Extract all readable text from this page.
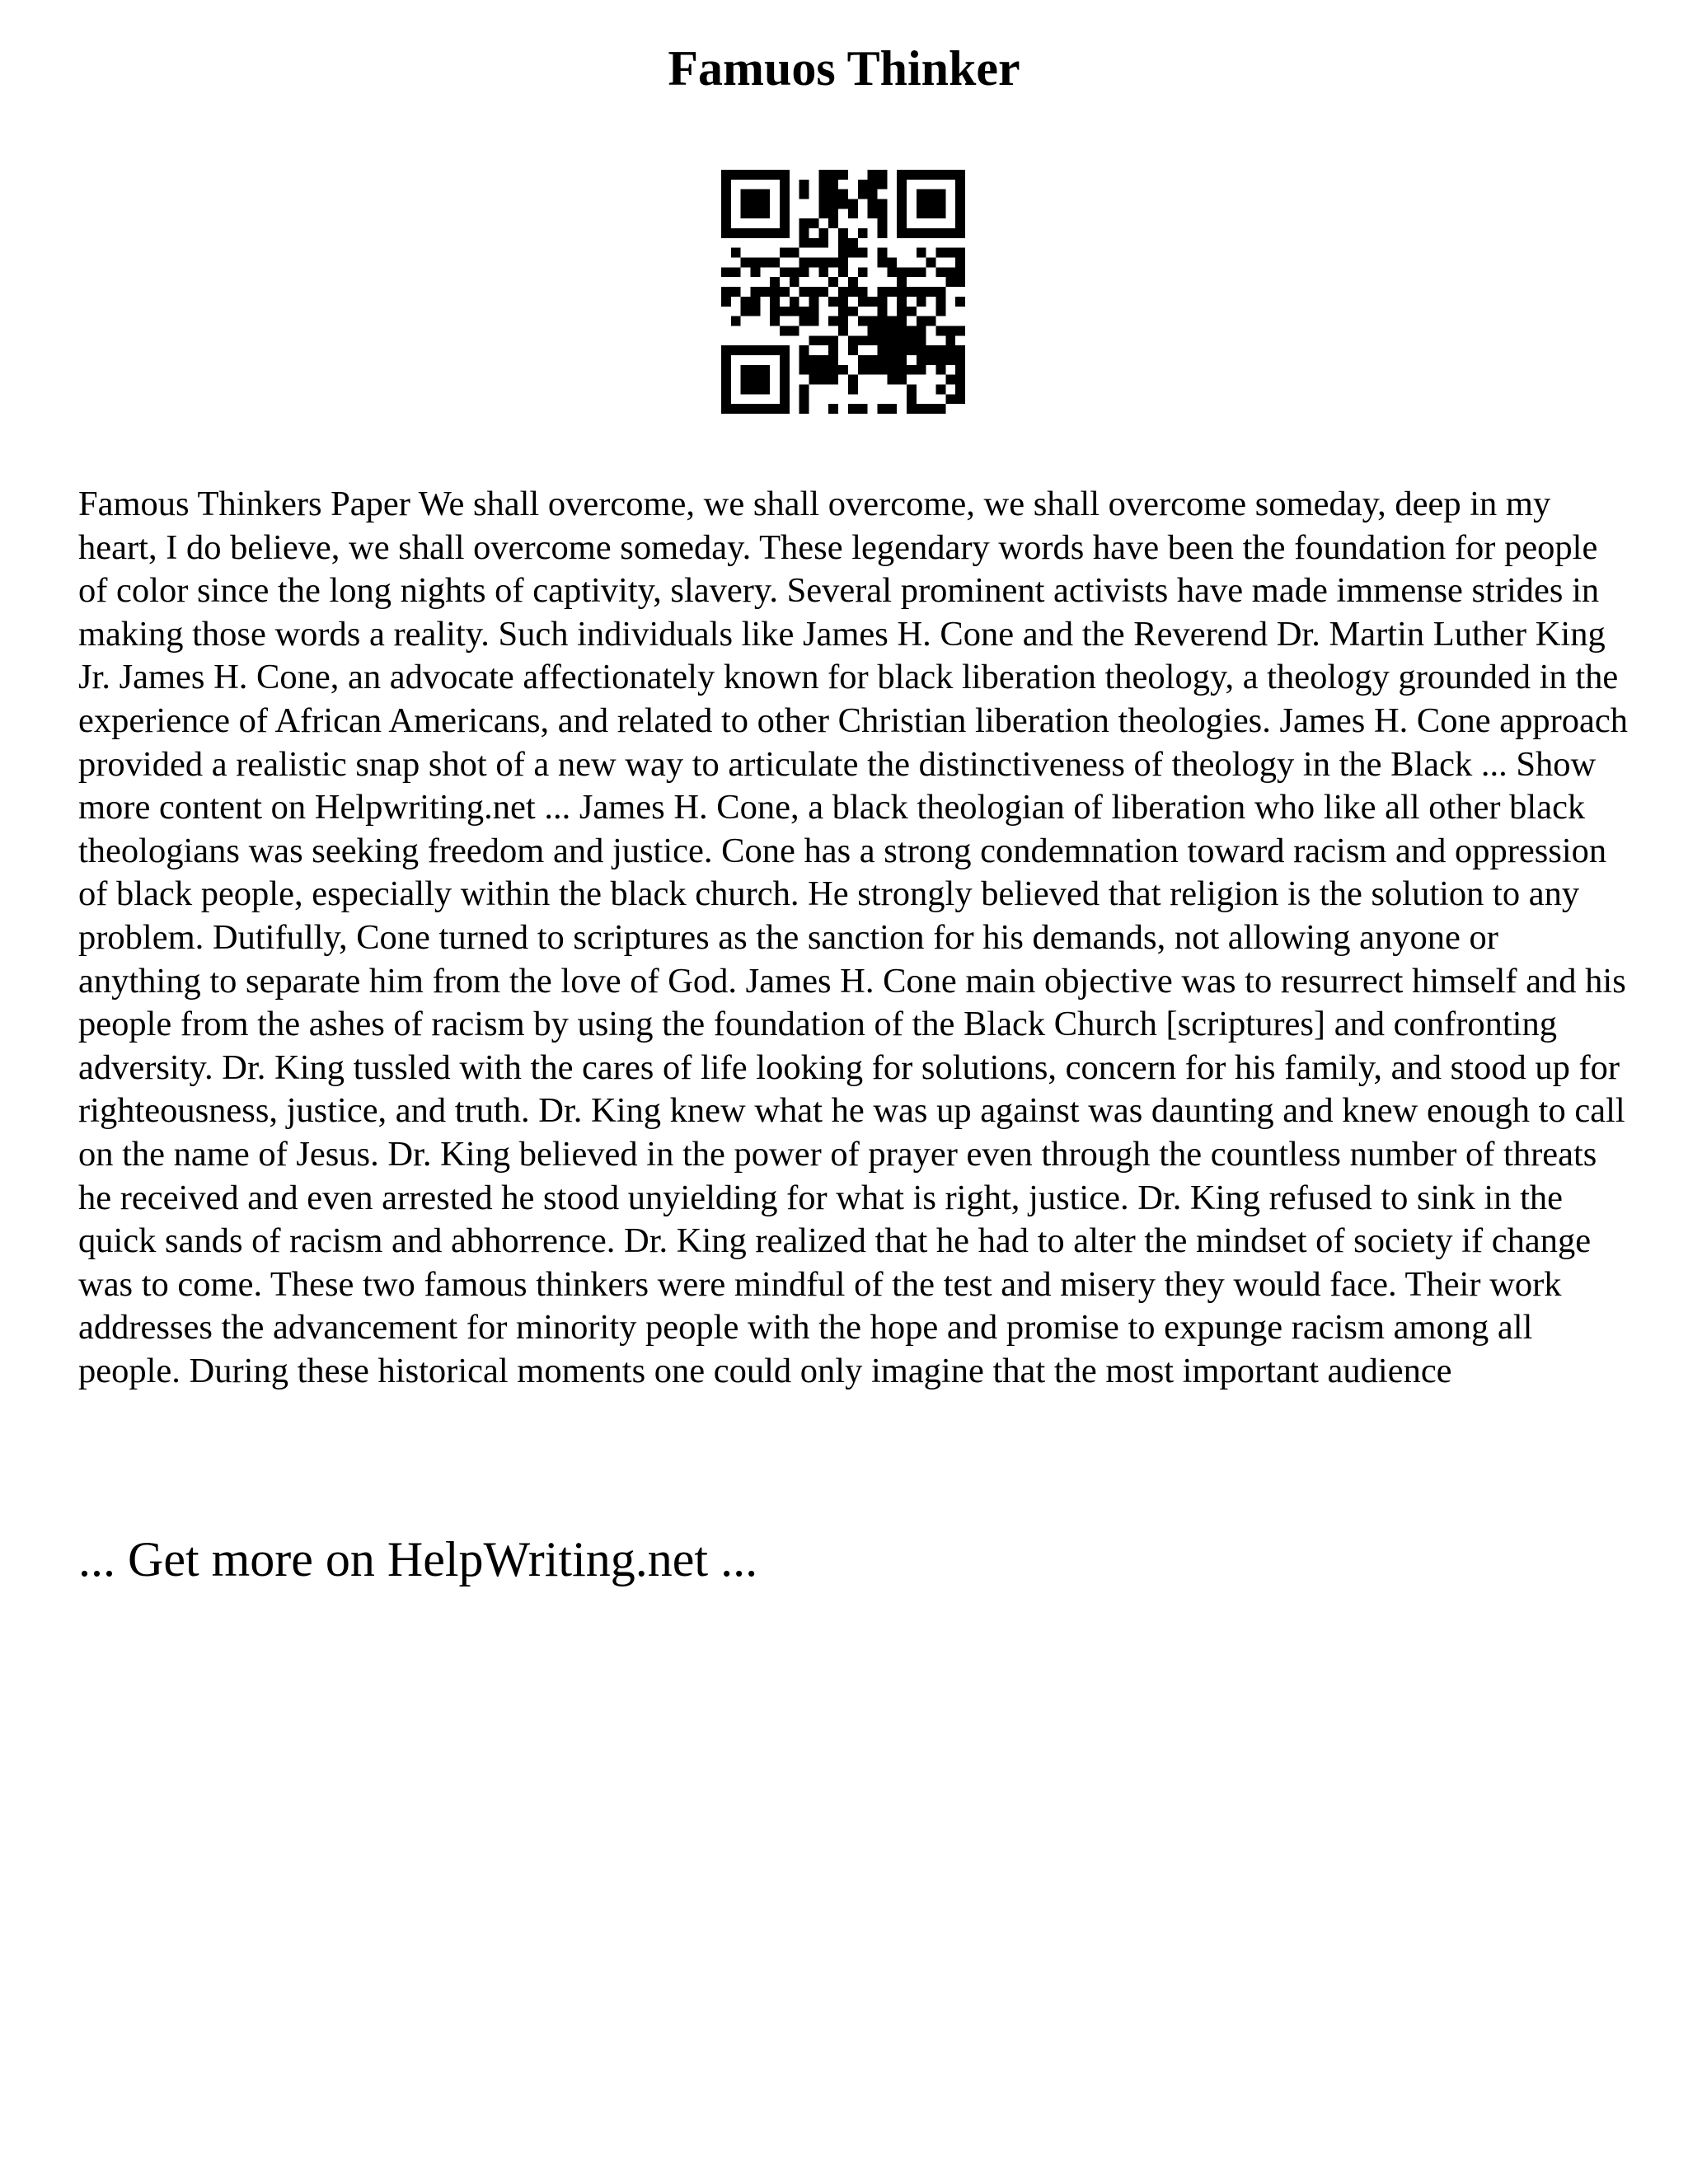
Famuos Thinker

Famous Thinkers Paper We shall overcome, we shall overcome, we shall overcome someday, deep in my heart, I do believe, we shall overcome someday. These legendary words have been the foundation for people of color since the long nights of captivity, slavery. Several prominent activists have made immense strides in making those words a reality. Such individuals like James H. Cone and the Reverend Dr. Martin Luther King Jr. James H. Cone, an advocate affectionately known for black liberation theology, a theology grounded in the experience of African Americans, and related to other Christian liberation theologies. James H. Cone approach provided a realistic snap shot of a new way to articulate the distinctiveness of theology in the Black ... Show more content on Helpwriting.net ... James H. Cone, a black theologian of liberation who like all other black theologians was seeking freedom and justice. Cone has a strong condemnation toward racism and oppression of black people, especially within the black church. He strongly believed that religion is the solution to any problem. Dutifully, Cone turned to scriptures as the sanction for his demands, not allowing anyone or anything to separate him from the love of God. James H. Cone main objective was to resurrect himself and his people from the ashes of racism by using the foundation of the Black Church [scriptures] and confronting adversity. Dr. King tussled with the cares of life looking for solutions, concern for his family, and stood up for righteousness, justice, and truth. Dr. King knew what he was up against was daunting and knew enough to call on the name of Jesus. Dr. King believed in the power of prayer even through the countless number of threats he received and even arrested he stood unyielding for what is right, justice. Dr. King refused to sink in the quick sands of racism and abhorrence. Dr. King realized that he had to alter the mindset of society if change was to come. These two famous thinkers were mindful of the test and misery they would face. Their work addresses the advancement for minority people with the hope and promise to expunge racism among all people. During these historical moments one could only imagine that the most important audience

... Get more on HelpWriting.net ...
